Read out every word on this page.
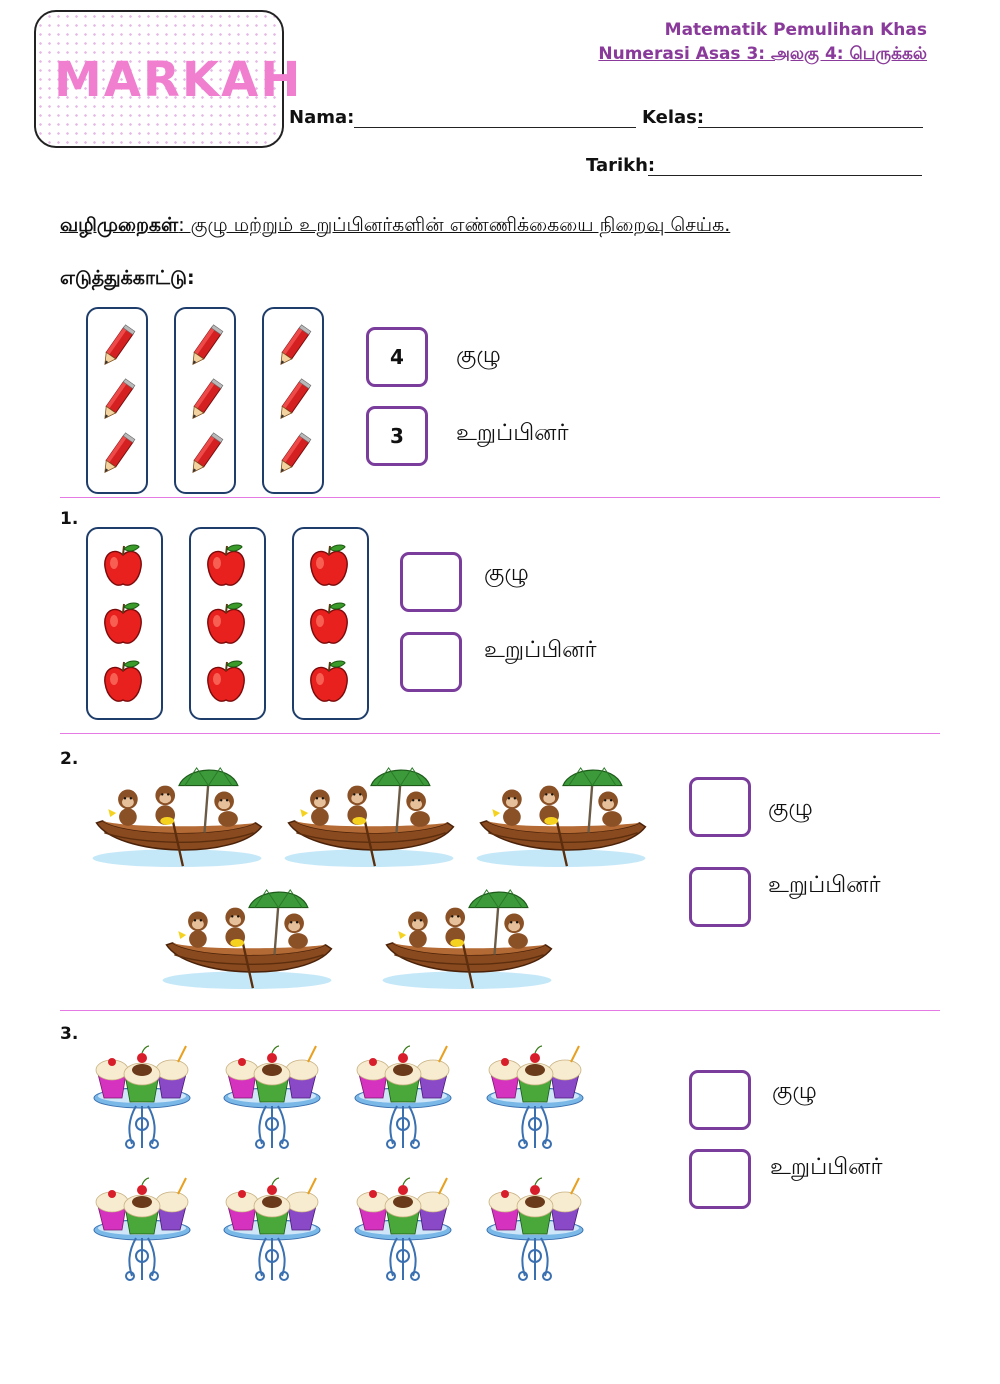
MARKAH
Matematik Pemulihan Khas
Numerasi Asas 3: அலகு 4: பெருக்கல்
Nama:	Kelas:
Tarikh:
வழிமுறைகள்: குழு மற்றும் உறுப்பினர்களின் எண்ணிக்கையை நிறைவு செய்க.
எடுத்துக்காட்டு:
4	குழு
3	உறுப்பினர்
1.
குழு
உறுப்பினர்
2.
குழு
உறுப்பினர்
3.
குழு
உறுப்பினர்
